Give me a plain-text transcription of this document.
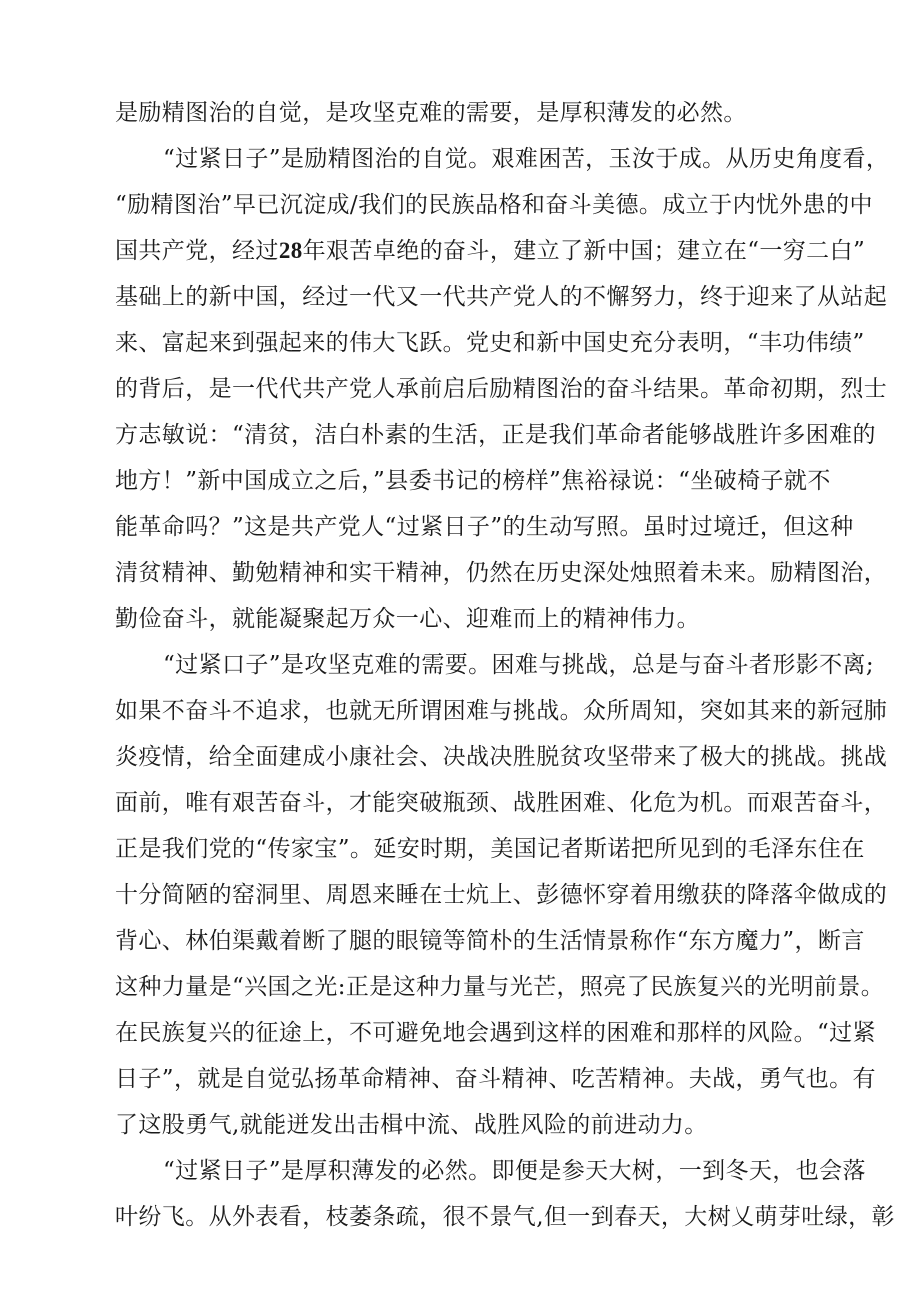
是励精图治的自觉，是攻坚克难的需要，是厚积薄发的必然。
“过紧日子”是励精图治的自觉。艰难困苦，玉汝于成。从历史角度看，
“励精图治”早已沉淀成/我们的民族品格和奋斗美德。成立于内忧外患的中
国共产党，经过28年艰苦卓绝的奋斗，建立了新中国；建立在“一穷二白”
基础上的新中国，经过一代又一代共产党人的不懈努力，终于迎来了从站起
来、富起来到强起来的伟大飞跃。党史和新中国史充分表明，“丰功伟绩”
的背后，是一代代共产党人承前启后励精图治的奋斗结果。革命初期，烈士
方志敏说：“清贫，洁白朴素的生活，正是我们革命者能够战胜许多困难的
地方！”新中国成立之后，”县委书记的榜样”焦裕禄说：“坐破椅子就不
能革命吗？”这是共产党人“过紧日子”的生动写照。虽时过境迁，但这种
清贫精神、勤勉精神和实干精神，仍然在历史深处烛照着未来。励精图治，
勤俭奋斗，就能凝聚起万众一心、迎难而上的精神伟力。
“过紧口子”是攻坚克难的需要。困难与挑战，总是与奋斗者形影不离;
如果不奋斗不追求，也就无所谓困难与挑战。众所周知，突如其来的新冠肺
炎疫情，给全面建成小康社会、决战决胜脱贫攻坚带来了极大的挑战。挑战
面前，唯有艰苦奋斗，才能突破瓶颈、战胜困难、化危为机。而艰苦奋斗，
正是我们党的“传家宝”。延安时期，美国记者斯诺把所见到的毛泽东住在
十分简陋的窑洞里、周恩来睡在士炕上、彭德怀穿着用缴获的降落伞做成的
背心、林伯渠戴着断了腿的眼镜等简朴的生活情景称作“东方魔力”，断言
这种力量是“兴国之光:正是这种力量与光芒，照亮了民族复兴的光明前景。
在民族复兴的征途上，不可避免地会遇到这样的困难和那样的风险。“过紧
日子”，就是自觉弘扬革命精神、奋斗精神、吃苦精神。夫战，勇气也。有
了这股勇气,就能迸发出击楫中流、战胜风险的前进动力。
“过紧日子”是厚积薄发的必然。即便是参天大树，一到冬天，也会落
叶纷飞。从外表看，枝萎条疏，很不景气,但一到春天，大树乂萌芽吐绿，彰
